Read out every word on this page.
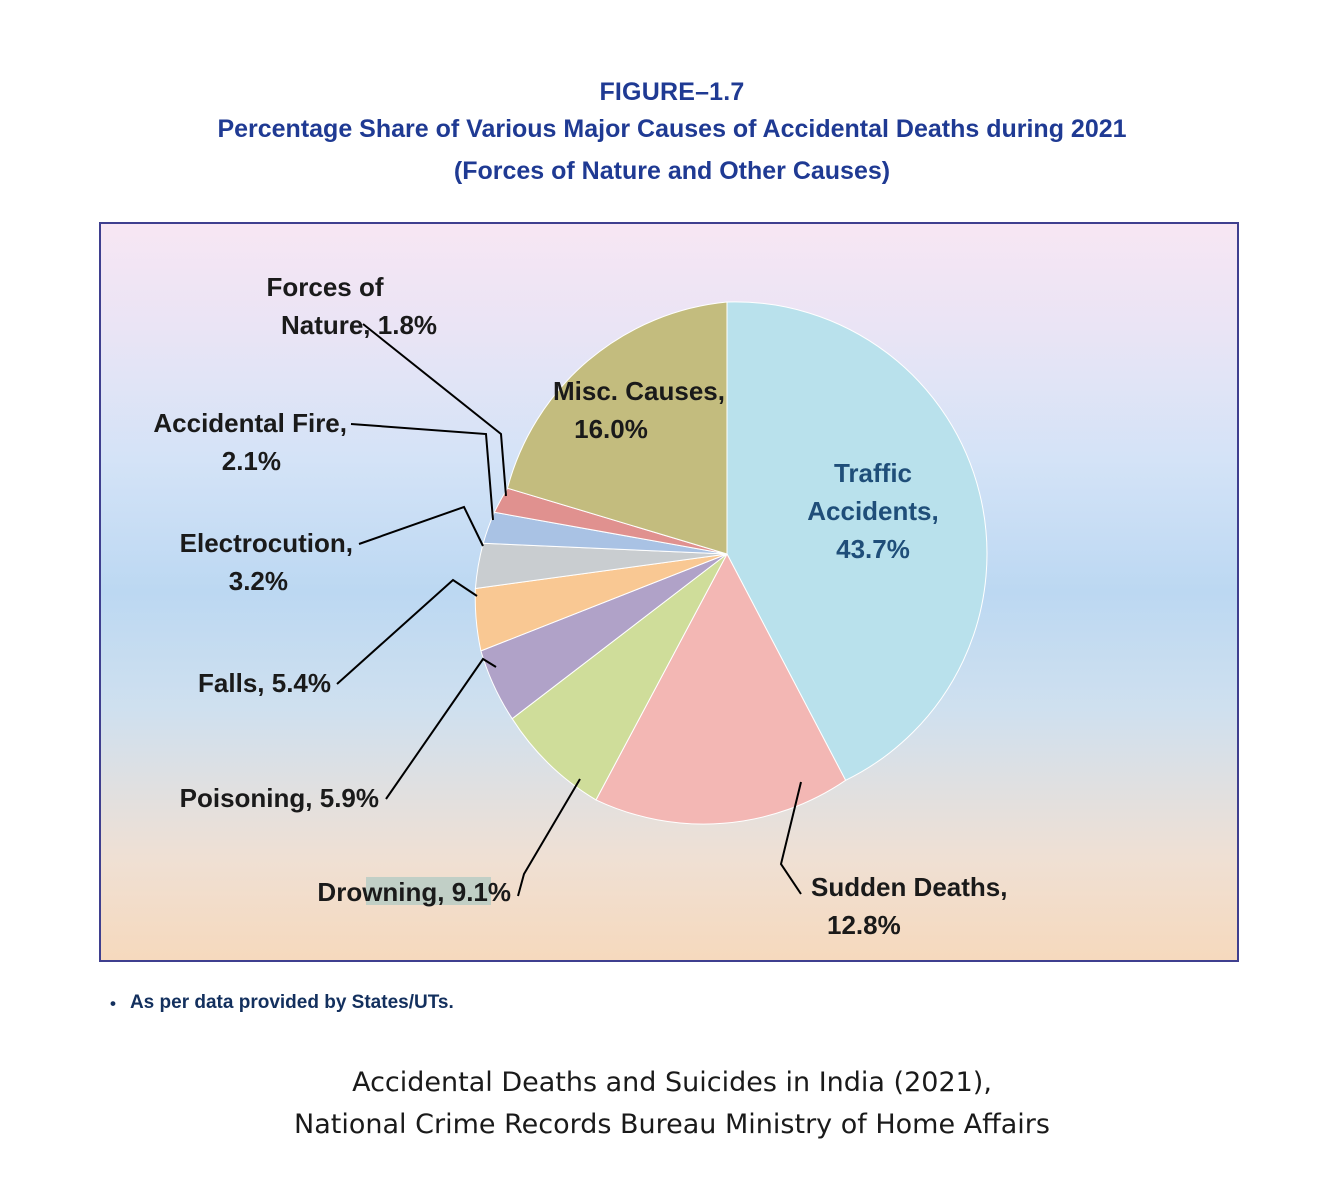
FIGURE–1.7
Percentage Share of Various Major Causes of Accidental Deaths during 2021
(Forces of Nature and Other Causes)
Traffic
Accidents,
43.7%
Misc. Causes,
16.0%
Sudden Deaths,
12.8%
Drowning, 9.1%
Poisoning, 5.9%
Falls, 5.4%
Electrocution,
3.2%
Accidental Fire,
2.1%
Forces of
Nature, 1.8%
• As per data provided by States/UTs.
Accidental Deaths and Suicides in India (2021),
National Crime Records Bureau Ministry of Home Affairs
